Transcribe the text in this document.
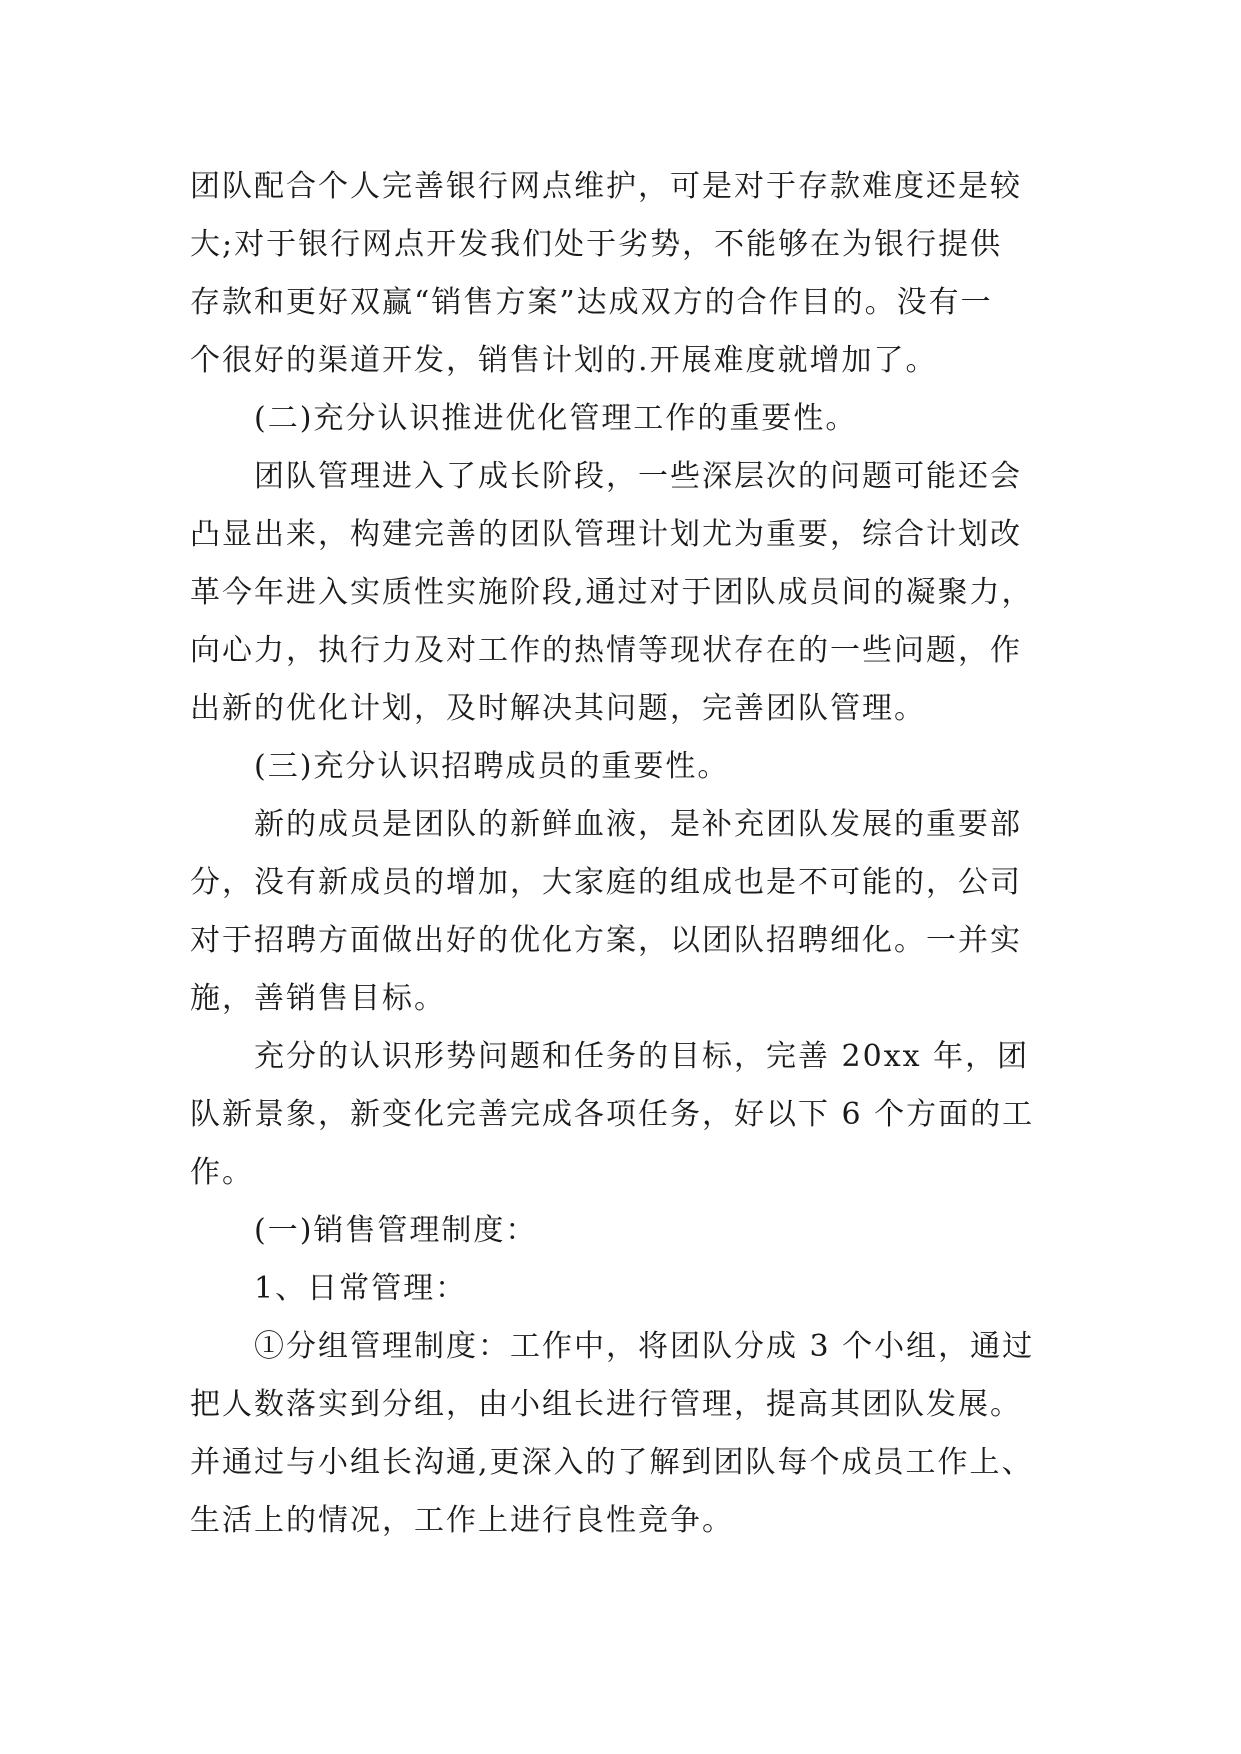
团队配合个人完善银行网点维护，可是对于存款难度还是较
大;对于银行网点开发我们处于劣势，不能够在为银行提供
存款和更好双赢“销售方案”达成双方的合作目的。没有一
个很好的渠道开发，销售计划的.开展难度就增加了。
(二)充分认识推进优化管理工作的重要性。
团队管理进入了成长阶段，一些深层次的问题可能还会
凸显出来，构建完善的团队管理计划尤为重要，综合计划改
革今年进入实质性实施阶段,通过对于团队成员间的凝聚力，
向心力，执行力及对工作的热情等现状存在的一些问题，作
出新的优化计划，及时解决其问题，完善团队管理。
(三)充分认识招聘成员的重要性。
新的成员是团队的新鲜血液，是补充团队发展的重要部
分，没有新成员的增加，大家庭的组成也是不可能的，公司
对于招聘方面做出好的优化方案，以团队招聘细化。一并实
施，善销售目标。
充分的认识形势问题和任务的目标，完善 20xx 年，团
队新景象，新变化完善完成各项任务，好以下 6 个方面的工
作。
(一)销售管理制度：
1、日常管理：
①分组管理制度：工作中，将团队分成 3 个小组，通过
把人数落实到分组，由小组长进行管理，提高其团队发展。
并通过与小组长沟通,更深入的了解到团队每个成员工作上、
生活上的情况，工作上进行良性竞争。
